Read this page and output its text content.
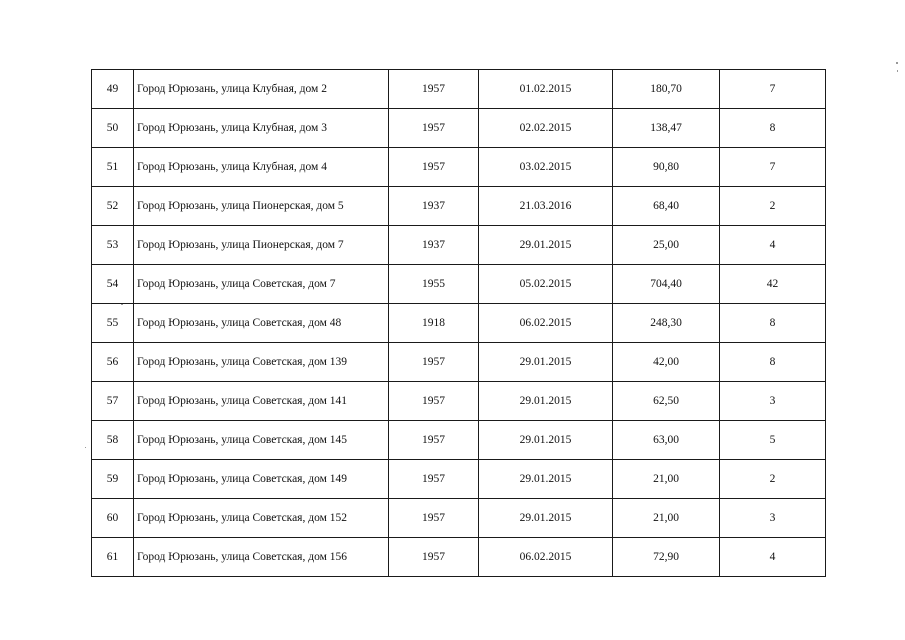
49	Город Юрюзань, улица Клубная, дом 2	1957	01.02.2015	180,70	7
50	Город Юрюзань, улица Клубная, дом 3	1957	02.02.2015	138,47	8
51	Город Юрюзань, улица Клубная, дом 4	1957	03.02.2015	90,80	7
52	Город Юрюзань, улица Пионерская, дом 5	1937	21.03.2016	68,40	2
53	Город Юрюзань, улица Пионерская, дом 7	1937	29.01.2015	25,00	4
54	Город Юрюзань, улица Советская, дом 7	1955	05.02.2015	704,40	42
55	Город Юрюзань, улица Советская, дом 48	1918	06.02.2015	248,30	8
56	Город Юрюзань, улица Советская, дом 139	1957	29.01.2015	42,00	8
57	Город Юрюзань, улица Советская, дом 141	1957	29.01.2015	62,50	3
58	Город Юрюзань, улица Советская, дом 145	1957	29.01.2015	63,00	5
59	Город Юрюзань, улица Советская, дом 149	1957	29.01.2015	21,00	2
60	Город Юрюзань, улица Советская, дом 152	1957	29.01.2015	21,00	3
61	Город Юрюзань, улица Советская, дом 156	1957	06.02.2015	72,90	4
